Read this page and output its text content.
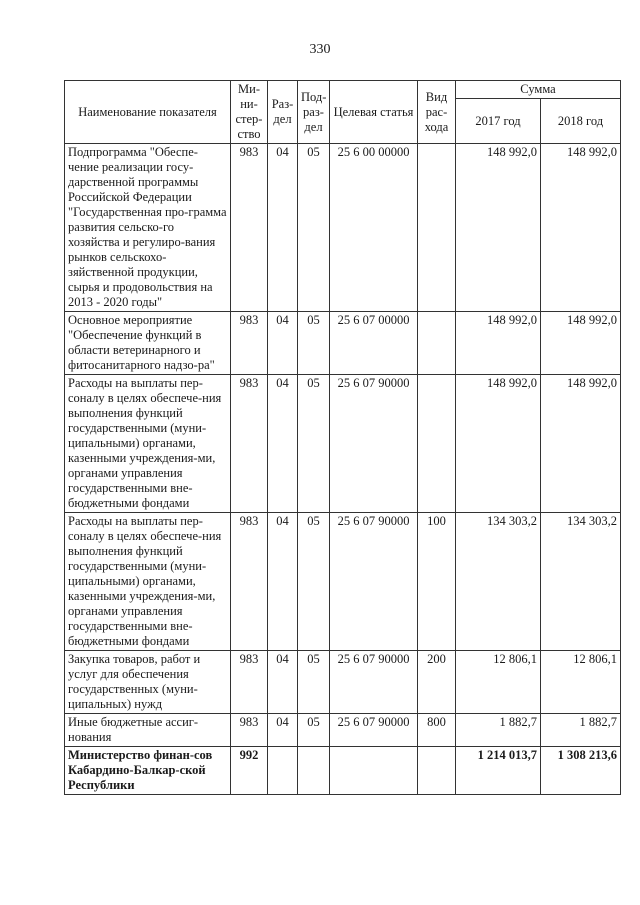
330
Наименование показателя	Ми-ни-стер-ство	Раз-дел	Под-раз-дел	Целевая статья	Вид рас-хода	Сумма	
						2017 год	2018 год
Подпрограмма "Обеспе-чение реализации госу-дарственной программы Российской Федерации "Государственная про-грамма развития сельско-го хозяйства и регулиро-вания рынков сельскохо-зяйственной продукции, сырья и продовольствия на 2013 - 2020 годы"	983	04	05	25 6 00 00000		148 992,0	148 992,0
Основное мероприятие "Обеспечение функций в области ветеринарного и фитосанитарного надзо-ра"	983	04	05	25 6 07 00000		148 992,0	148 992,0
Расходы на выплаты пер-соналу в целях обеспече-ния выполнения функций государственными (муни-ципальными) органами, казенными учреждения-ми, органами управления государственными вне-бюджетными фондами	983	04	05	25 6 07 90000		148 992,0	148 992,0
Расходы на выплаты пер-соналу в целях обеспече-ния выполнения функций государственными (муни-ципальными) органами, казенными учреждения-ми, органами управления государственными вне-бюджетными фондами	983	04	05	25 6 07 90000	100	134 303,2	134 303,2
Закупка товаров, работ и услуг для обеспечения государственных (муни-ципальных) нужд	983	04	05	25 6 07 90000	200	12 806,1	12 806,1
Иные бюджетные ассиг-нования	983	04	05	25 6 07 90000	800	1 882,7	1 882,7
Министерство финан-сов Кабардино-Балкар-ской Республики	992					1 214 013,7	1 308 213,6
